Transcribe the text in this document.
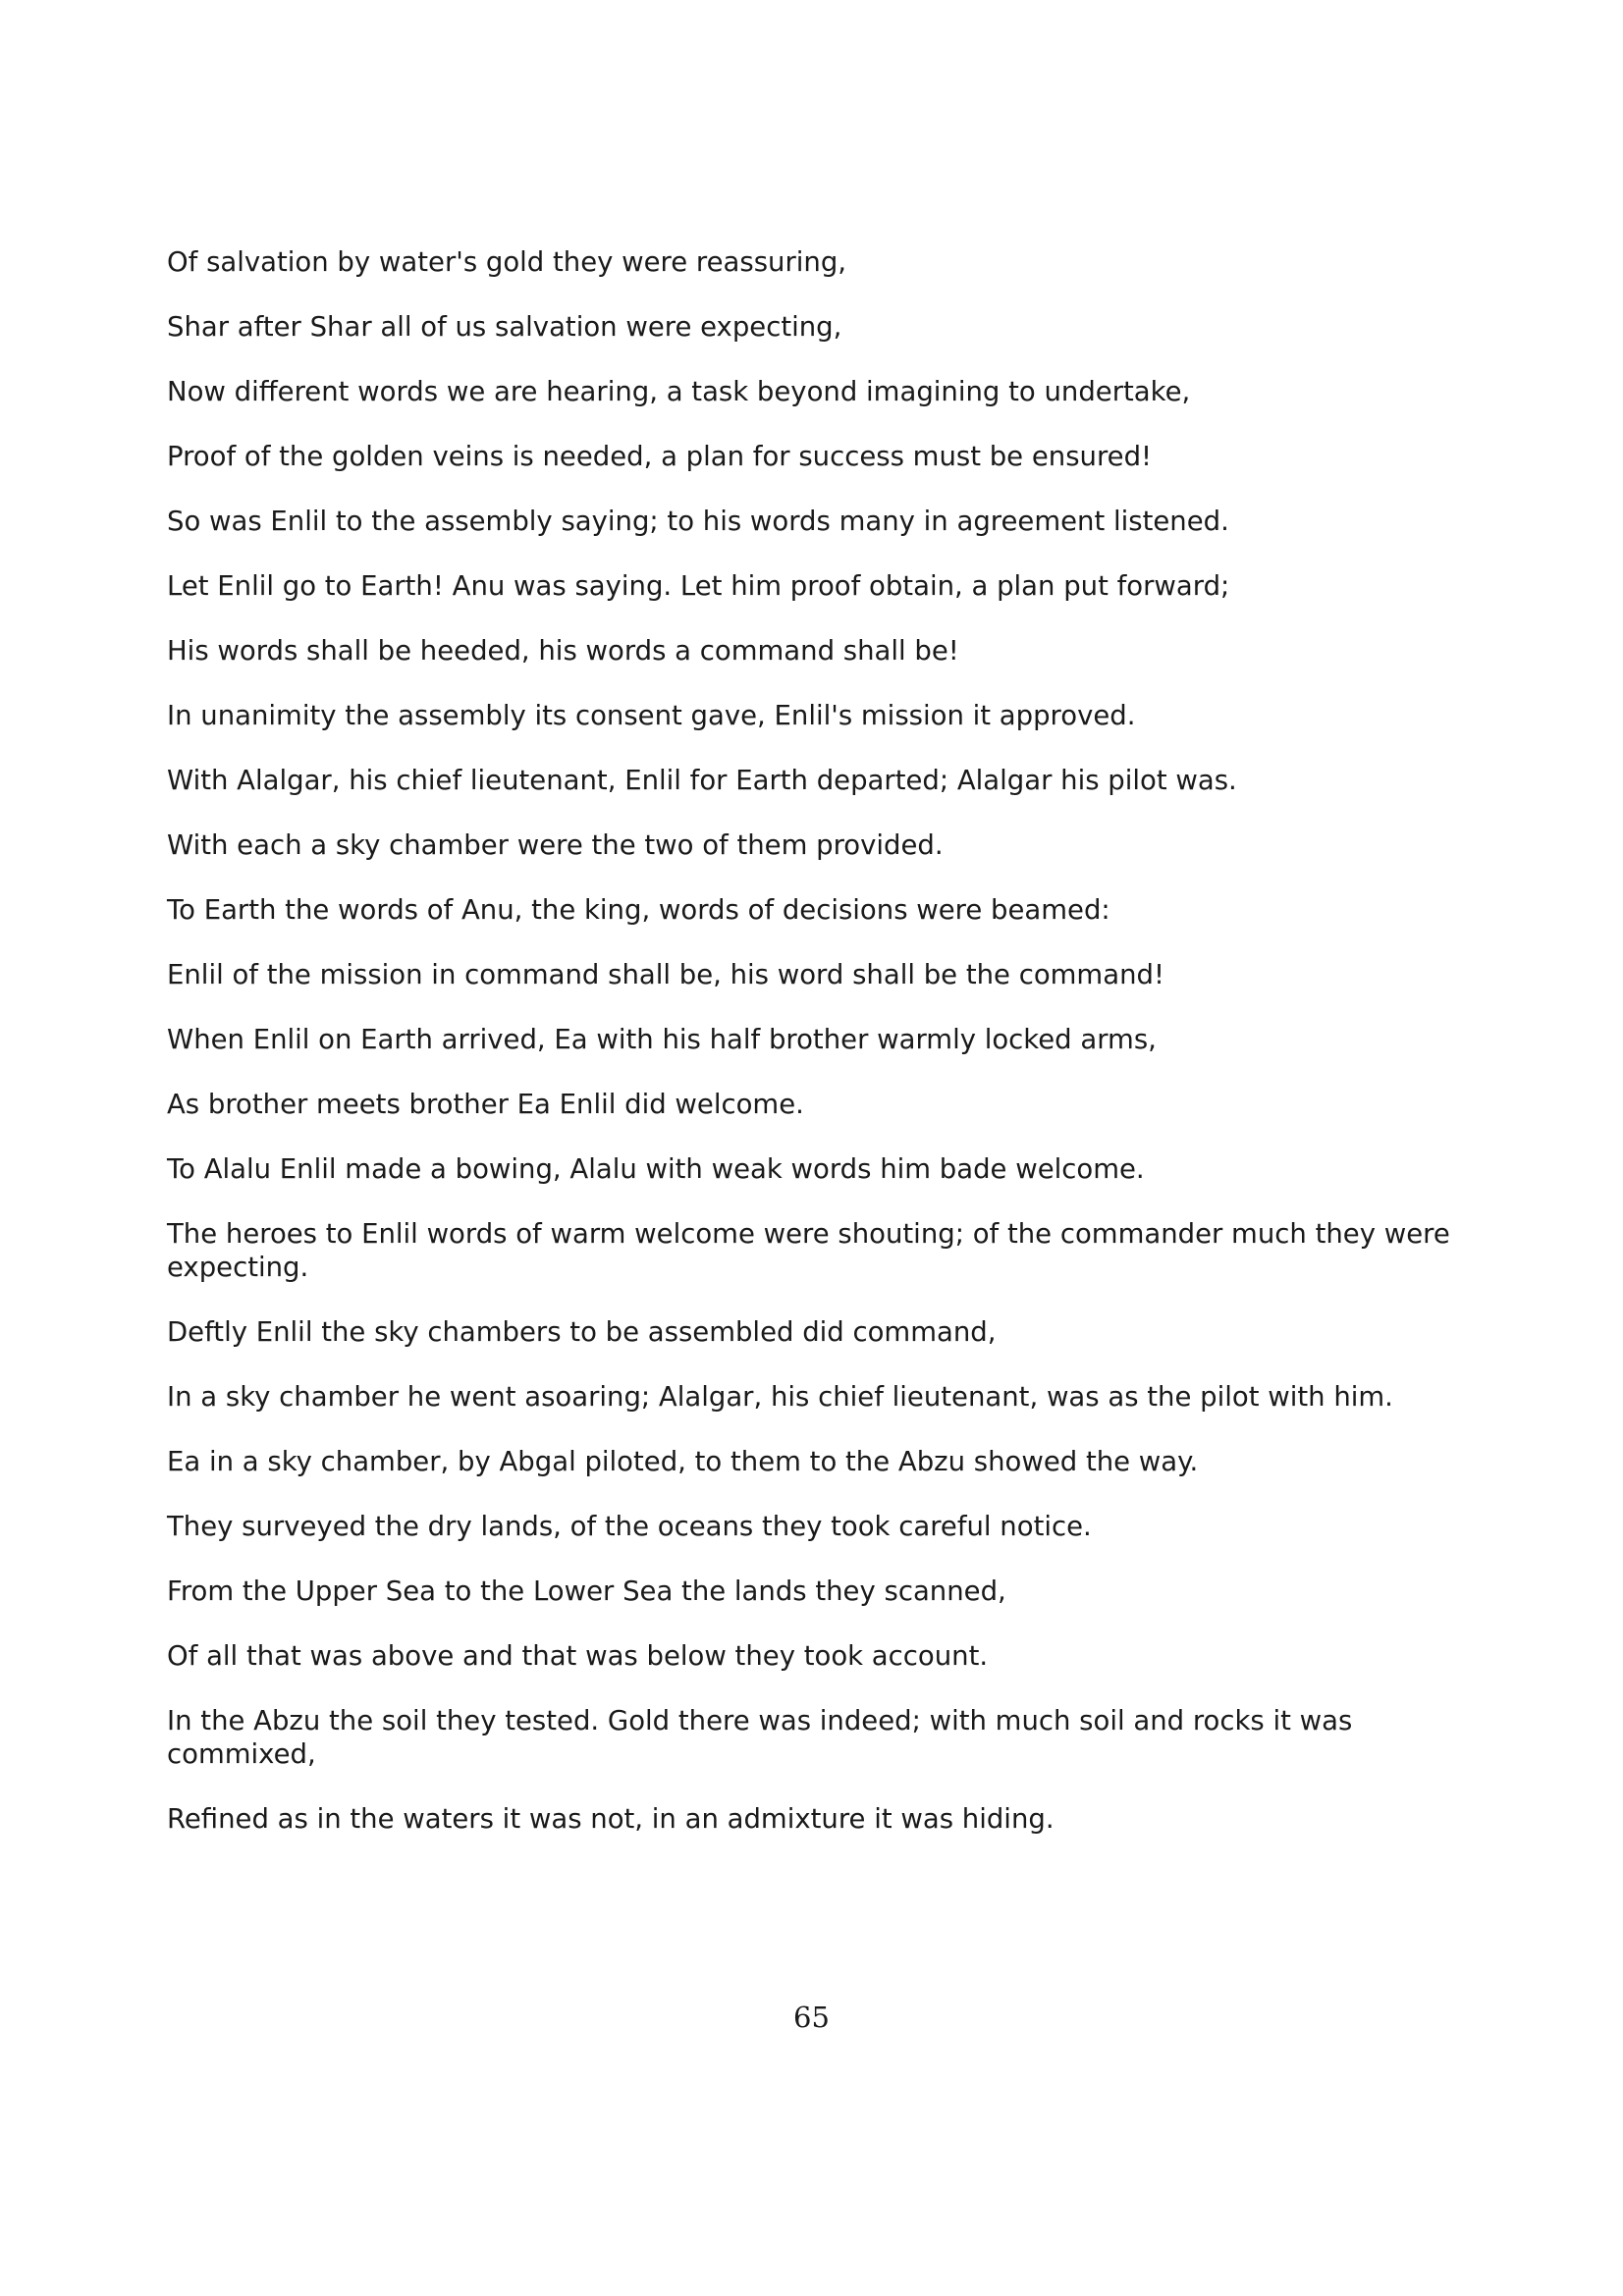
Of salvation by water's gold they were reassuring,

Shar after Shar all of us salvation were expecting,

Now different words we are hearing, a task beyond imagining to undertake,

Proof of the golden veins is needed, a plan for success must be ensured!

So was Enlil to the assembly saying; to his words many in agreement listened.

Let Enlil go to Earth! Anu was saying. Let him proof obtain, a plan put forward;

His words shall be heeded, his words a command shall be!

In unanimity the assembly its consent gave, Enlil's mission it approved.

With Alalgar, his chief lieutenant, Enlil for Earth departed; Alalgar his pilot was.

With each a sky chamber were the two of them provided.

To Earth the words of Anu, the king, words of decisions were beamed:

Enlil of the mission in command shall be, his word shall be the command!

When Enlil on Earth arrived, Ea with his half brother warmly locked arms,

As brother meets brother Ea Enlil did welcome.

To Alalu Enlil made a bowing, Alalu with weak words him bade welcome.

The heroes to Enlil words of warm welcome were shouting; of the commander much they were expecting.

Deftly Enlil the sky chambers to be assembled did command,

In a sky chamber he went asoaring; Alalgar, his chief lieutenant, was as the pilot with him.

Ea in a sky chamber, by Abgal piloted, to them to the Abzu showed the way.

They surveyed the dry lands, of the oceans they took careful notice.

From the Upper Sea to the Lower Sea the lands they scanned,

Of all that was above and that was below they took account.

In the Abzu the soil they tested. Gold there was indeed; with much soil and rocks it was commixed,

Refined as in the waters it was not, in an admixture it was hiding.

65
